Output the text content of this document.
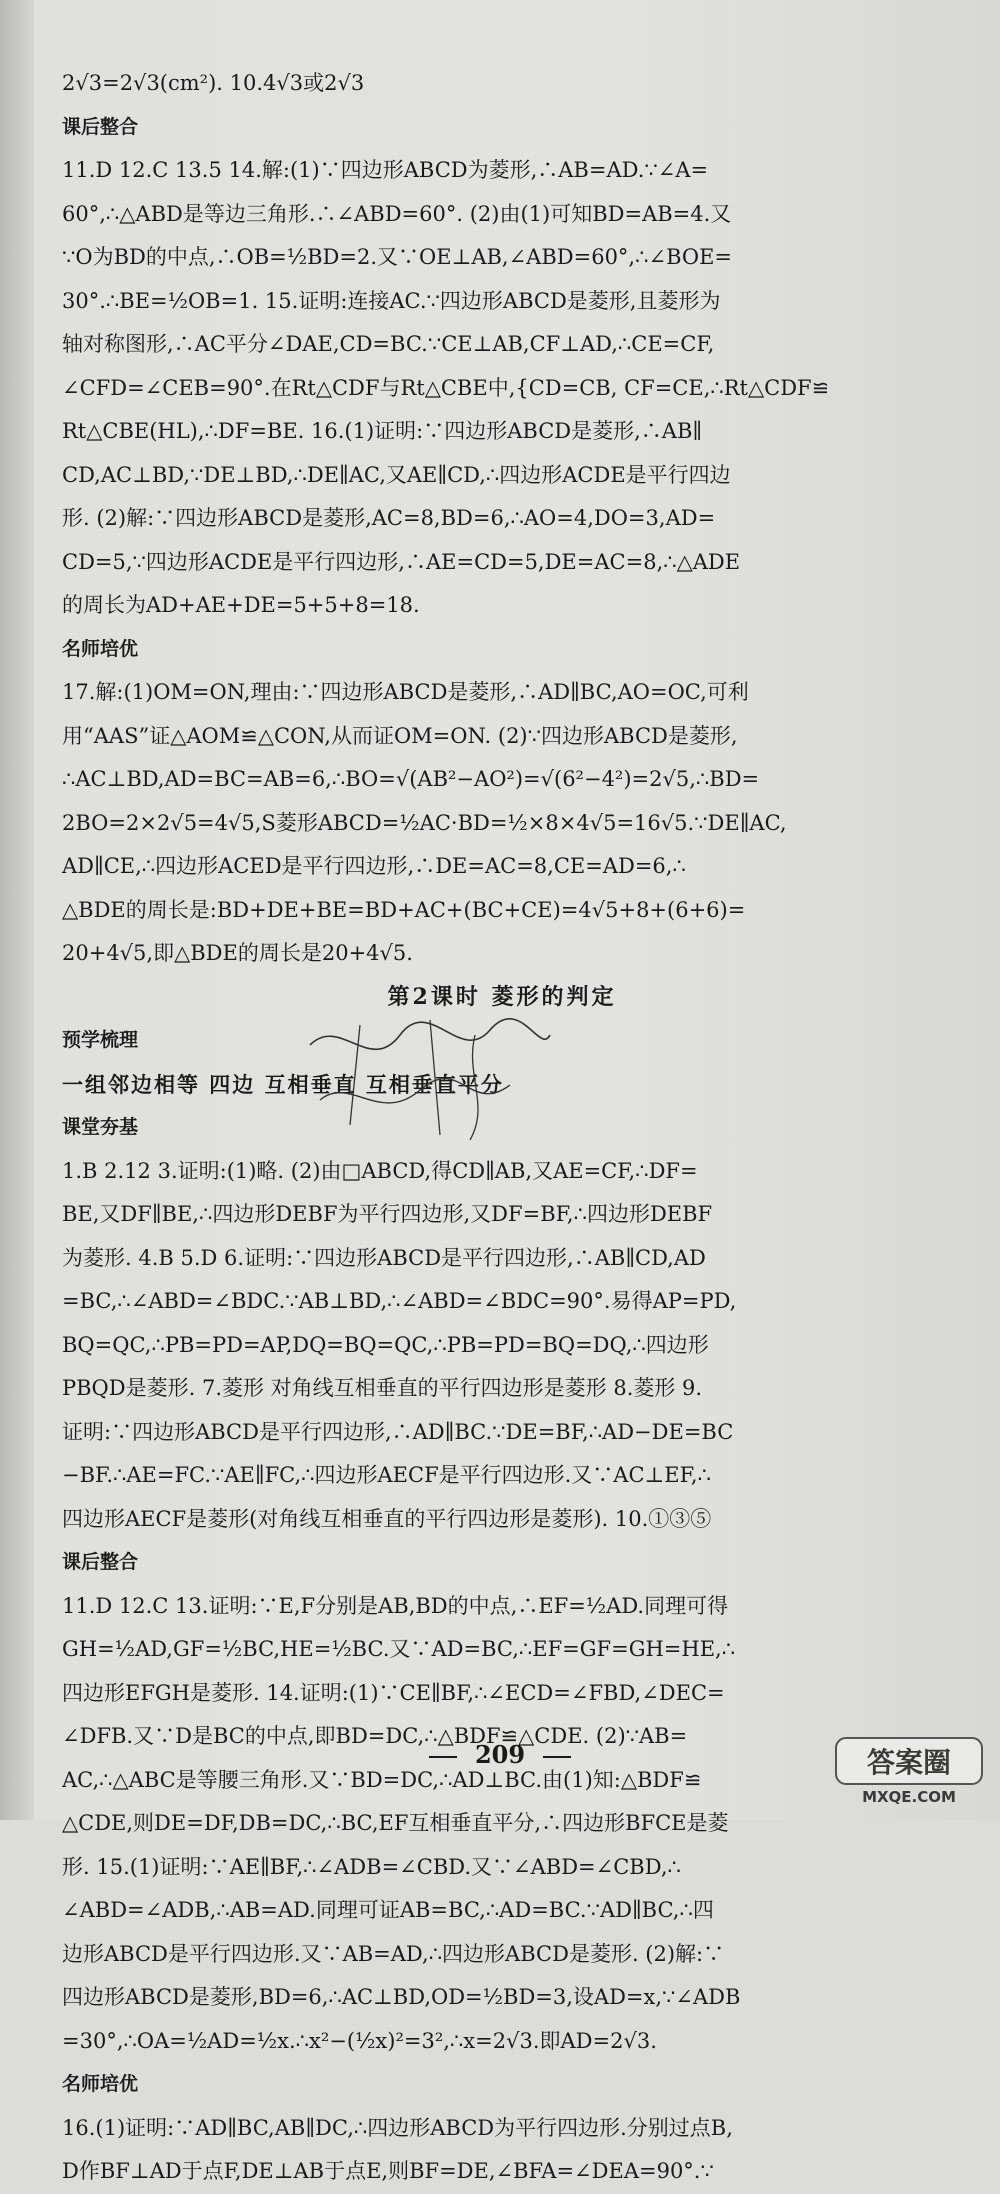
2√3=2√3(cm²). 10.4√3或2√3
课后整合
11.D 12.C 13.5 14.解:(1)∵四边形ABCD为菱形,∴AB=AD.∵∠A=
60°,∴△ABD是等边三角形.∴∠ABD=60°. (2)由(1)可知BD=AB=4.又
∵O为BD的中点,∴OB=½BD=2.又∵OE⊥AB,∠ABD=60°,∴∠BOE=
30°.∴BE=½OB=1. 15.证明:连接AC.∵四边形ABCD是菱形,且菱形为
轴对称图形,∴AC平分∠DAE,CD=BC.∵CE⊥AB,CF⊥AD,∴CE=CF,
∠CFD=∠CEB=90°.在Rt△CDF与Rt△CBE中,{CD=CB, CF=CE,∴Rt△CDF≌
Rt△CBE(HL),∴DF=BE. 16.(1)证明:∵四边形ABCD是菱形,∴AB∥
CD,AC⊥BD,∵DE⊥BD,∴DE∥AC,又AE∥CD,∴四边形ACDE是平行四边
形. (2)解:∵四边形ABCD是菱形,AC=8,BD=6,∴AO=4,DO=3,AD=
CD=5,∵四边形ACDE是平行四边形,∴AE=CD=5,DE=AC=8,∴△ADE
的周长为AD+AE+DE=5+5+8=18.
名师培优
17.解:(1)OM=ON,理由:∵四边形ABCD是菱形,∴AD∥BC,AO=OC,可利
用“AAS”证△AOM≌△CON,从而证OM=ON. (2)∵四边形ABCD是菱形,
∴AC⊥BD,AD=BC=AB=6,∴BO=√(AB²−AO²)=√(6²−4²)=2√5,∴BD=
2BO=2×2√5=4√5,S菱形ABCD=½AC·BD=½×8×4√5=16√5.∵DE∥AC,
AD∥CE,∴四边形ACED是平行四边形,∴DE=AC=8,CE=AD=6,∴
△BDE的周长是:BD+DE+BE=BD+AC+(BC+CE)=4√5+8+(6+6)=
20+4√5,即△BDE的周长是20+4√5.
第2课时 菱形的判定
预学梳理
一组邻边相等 四边 互相垂直 互相垂直平分
课堂夯基
1.B 2.12 3.证明:(1)略. (2)由□ABCD,得CD∥AB,又AE=CF,∴DF=
BE,又DF∥BE,∴四边形DEBF为平行四边形,又DF=BF,∴四边形DEBF
为菱形. 4.B 5.D 6.证明:∵四边形ABCD是平行四边形,∴AB∥CD,AD
=BC,∴∠ABD=∠BDC.∵AB⊥BD,∴∠ABD=∠BDC=90°.易得AP=PD,
BQ=QC,∴PB=PD=AP,DQ=BQ=QC,∴PB=PD=BQ=DQ,∴四边形
PBQD是菱形. 7.菱形 对角线互相垂直的平行四边形是菱形 8.菱形 9.
证明:∵四边形ABCD是平行四边形,∴AD∥BC.∵DE=BF,∴AD−DE=BC
−BF.∴AE=FC.∵AE∥FC,∴四边形AECF是平行四边形.又∵AC⊥EF,∴
四边形AECF是菱形(对角线互相垂直的平行四边形是菱形). 10.①③⑤
课后整合
11.D 12.C 13.证明:∵E,F分别是AB,BD的中点,∴EF=½AD.同理可得
GH=½AD,GF=½BC,HE=½BC.又∵AD=BC,∴EF=GF=GH=HE,∴
四边形EFGH是菱形. 14.证明:(1)∵CE∥BF,∴∠ECD=∠FBD,∠DEC=
∠DFB.又∵D是BC的中点,即BD=DC,∴△BDF≌△CDE. (2)∵AB=
AC,∴△ABC是等腰三角形.又∵BD=DC,∴AD⊥BC.由(1)知:△BDF≌
△CDE,则DE=DF,DB=DC,∴BC,EF互相垂直平分,∴四边形BFCE是菱
形. 15.(1)证明:∵AE∥BF,∴∠ADB=∠CBD.又∵∠ABD=∠CBD,∴
∠ABD=∠ADB,∴AB=AD.同理可证AB=BC,∴AD=BC.∵AD∥BC,∴四
边形ABCD是平行四边形.又∵AB=AD,∴四边形ABCD是菱形. (2)解:∵
四边形ABCD是菱形,BD=6,∴AC⊥BD,OD=½BD=3,设AD=x,∵∠ADB
=30°,∴OA=½AD=½x.∴x²−(½x)²=3²,∴x=2√3.即AD=2√3.
名师培优
16.(1)证明:∵AD∥BC,AB∥DC,∴四边形ABCD为平行四边形.分别过点B,
D作BF⊥AD于点F,DE⊥AB于点E,则BF=DE,∠BFA=∠DEA=90°.∵
209	答案圈
MXQE.COM
